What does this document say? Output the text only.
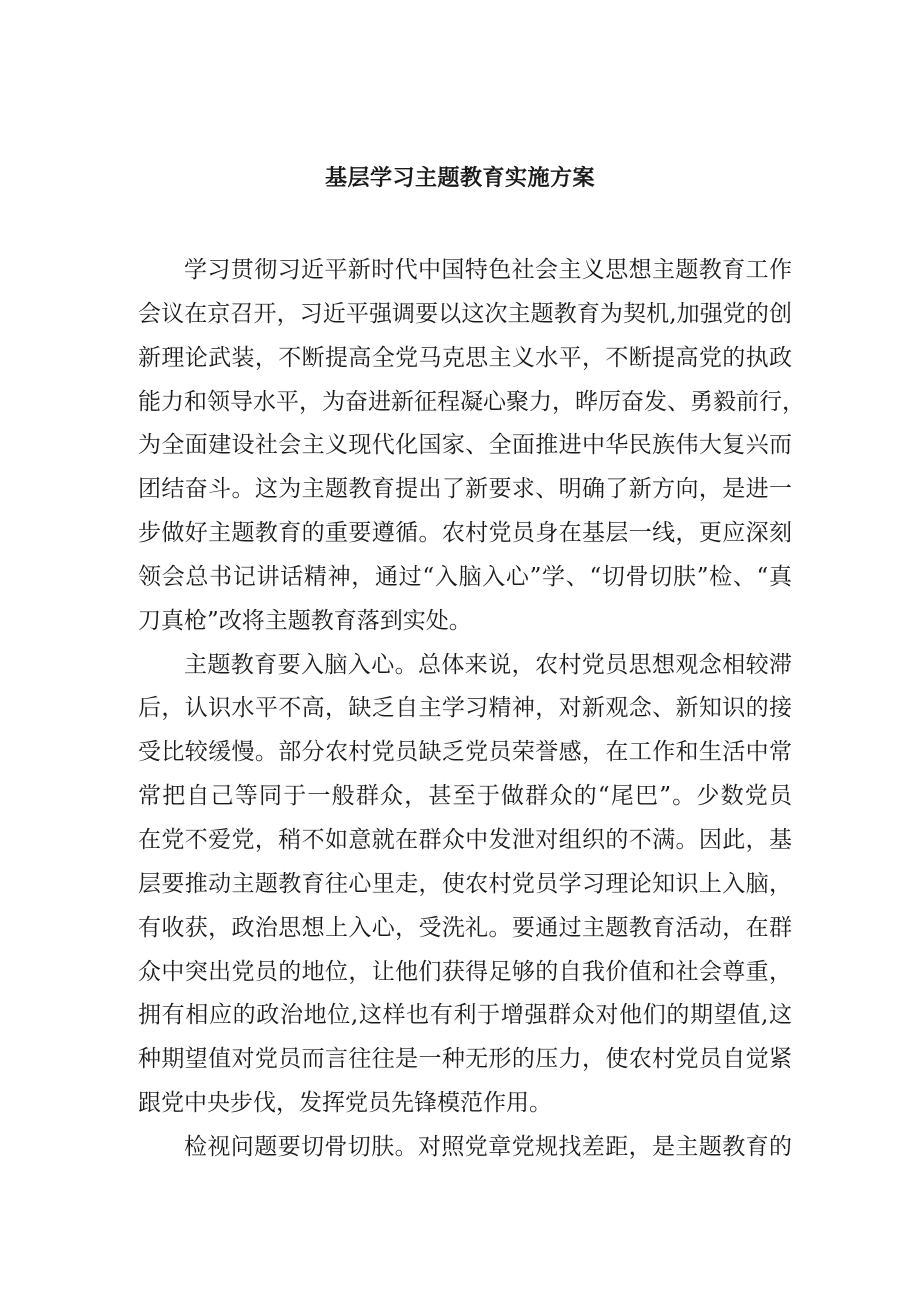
基层学习主题教育实施方案
学习贯彻习近平新时代中国特色社会主义思想主题教育工作
会议在京召开，习近平强调要以这次主题教育为契机,加强党的创
新理论武装，不断提高全党马克思主义水平，不断提高党的执政
能力和领导水平，为奋进新征程凝心聚力，晔厉奋发、勇毅前行，
为全面建设社会主义现代化国家、全面推进中华民族伟大复兴而
团结奋斗。这为主题教育提出了新要求、明确了新方向，是进一
步做好主题教育的重要遵循。农村党员身在基层一线，更应深刻
领会总书记讲话精神，通过“入脑入心”学、“切骨切肤”检、“真
刀真枪”改将主题教育落到实处。
主题教育要入脑入心。总体来说，农村党员思想观念相较滞
后，认识水平不高，缺乏自主学习精神，对新观念、新知识的接
受比较缓慢。部分农村党员缺乏党员荣誉感，在工作和生活中常
常把自己等同于一般群众，甚至于做群众的“尾巴”。少数党员
在党不爱党，稍不如意就在群众中发泄对组织的不满。因此，基
层要推动主题教育往心里走，使农村党员学习理论知识上入脑，
有收获，政治思想上入心，受洗礼。要通过主题教育活动，在群
众中突出党员的地位，让他们获得足够的自我价值和社会尊重，
拥有相应的政治地位,这样也有利于增强群众对他们的期望值,这
种期望值对党员而言往往是一种无形的压力，使农村党员自觉紧
跟党中央步伐，发挥党员先锋模范作用。
检视问题要切骨切肤。对照党章党规找差距，是主题教育的
